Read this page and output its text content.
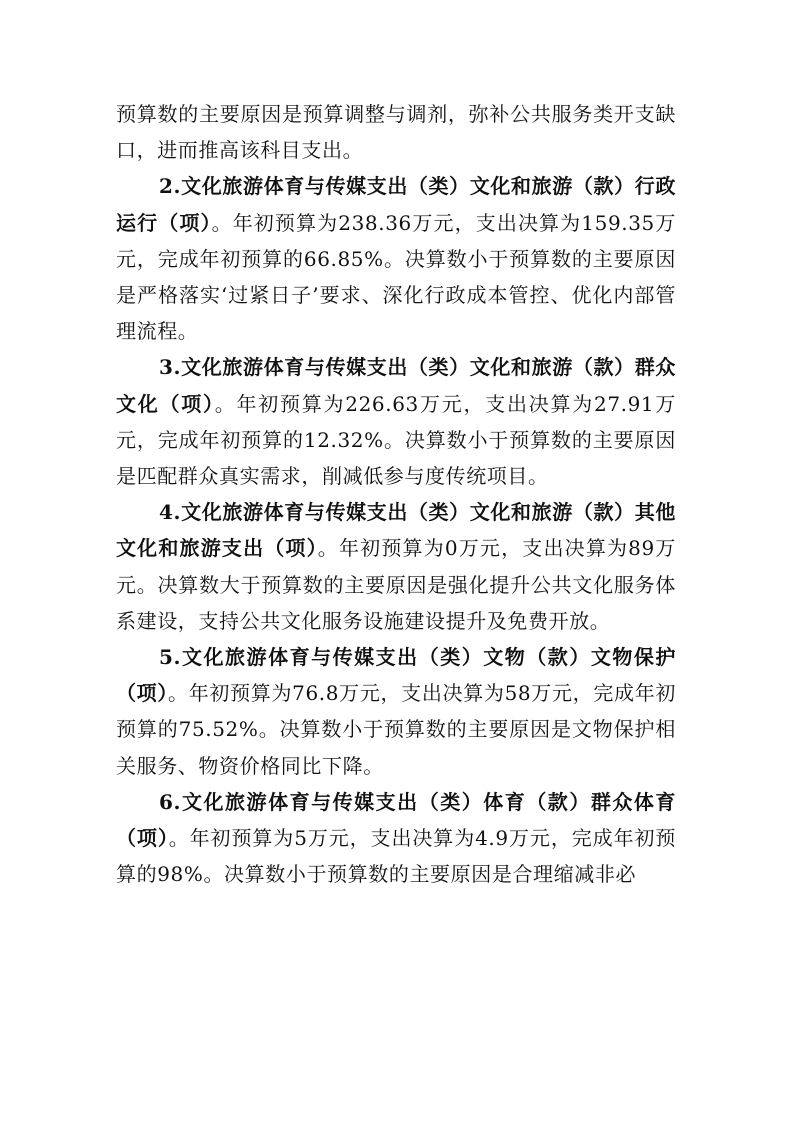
预算数的主要原因是预算调整与调剂，弥补公共服务类开支缺口，进而推高该科目支出。

2.文化旅游体育与传媒支出（类）文化和旅游（款）行政运行（项）。年初预算为238.36万元，支出决算为159.35万元，完成年初预算的66.85%。决算数小于预算数的主要原因是严格落实‘过紧日子’要求、深化行政成本管控、优化内部管理流程。

3.文化旅游体育与传媒支出（类）文化和旅游（款）群众文化（项）。年初预算为226.63万元，支出决算为27.91万元，完成年初预算的12.32%。决算数小于预算数的主要原因是匹配群众真实需求，削减低参与度传统项目。

4.文化旅游体育与传媒支出（类）文化和旅游（款）其他文化和旅游支出（项）。年初预算为0万元，支出决算为89万元。决算数大于预算数的主要原因是强化提升公共文化服务体系建设，支持公共文化服务设施建设提升及免费开放。

5.文化旅游体育与传媒支出（类）文物（款）文物保护（项）。年初预算为76.8万元，支出决算为58万元，完成年初预算的75.52%。决算数小于预算数的主要原因是文物保护相关服务、物资价格同比下降。

6.文化旅游体育与传媒支出（类）体育（款）群众体育（项）。年初预算为5万元，支出决算为4.9万元，完成年初预算的98%。决算数小于预算数的主要原因是合理缩减非必
